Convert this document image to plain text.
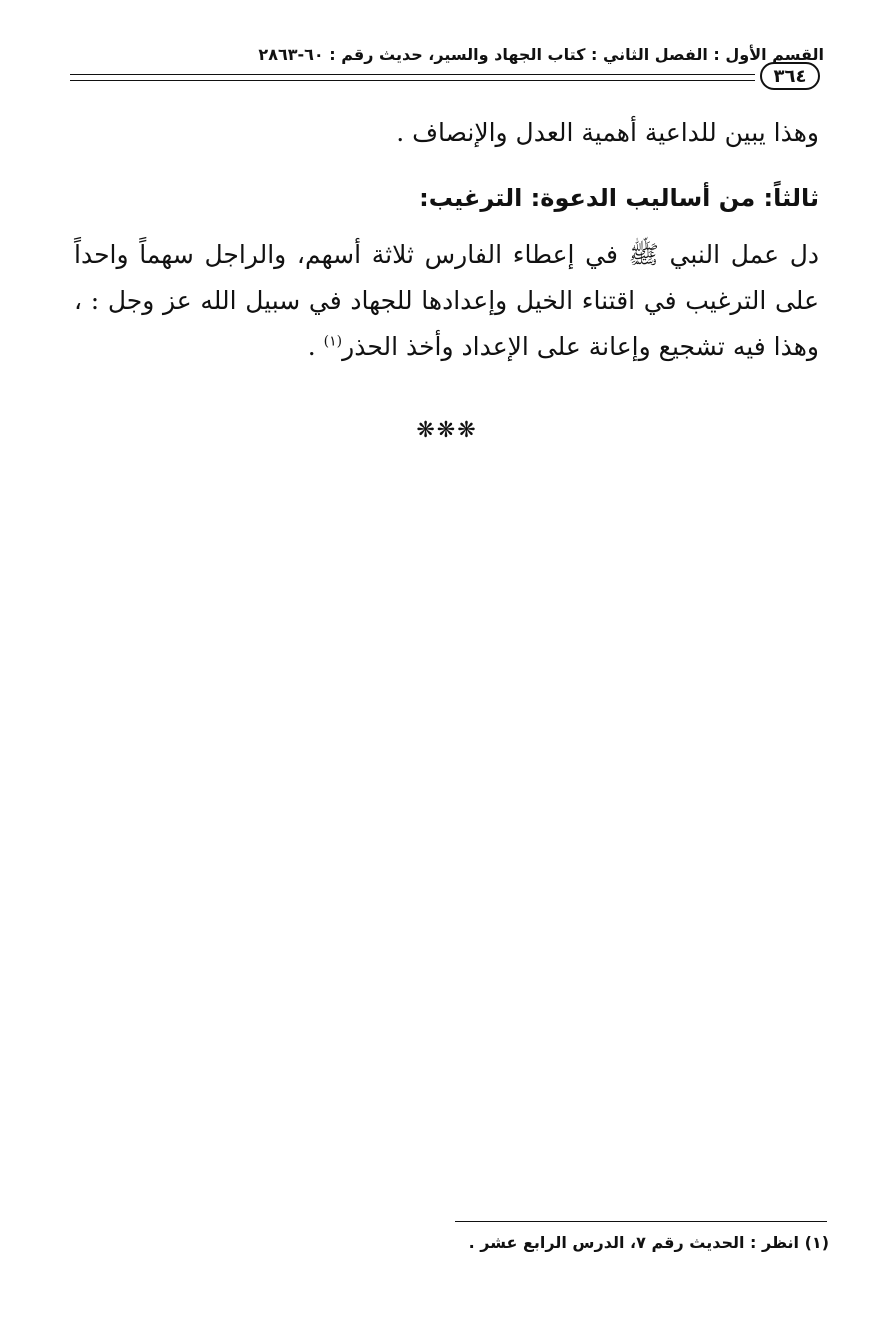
القسم الأول : الفصل الثاني : كتاب الجهاد والسير، حديث رقم : ٦٠-٢٨٦٣
٣٦٤

وهذا يبين للداعية أهمية العدل والإنصاف .

ثالثاً: من أساليب الدعوة: الترغيب:

دل عمل النبي ﷺ في إعطاء الفارس ثلاثة أسهم، والراجل سهماً واحداً على الترغيب في اقتناء الخيل وإعدادها للجهاد في سبيل الله عز وجل : ، وهذا فيه تشجيع وإعانة على الإعداد وأخذ الحذر$^{(١)}$ .

❋❋❋
(١) انظر : الحديث رقم ٧، الدرس الرابع عشر .
